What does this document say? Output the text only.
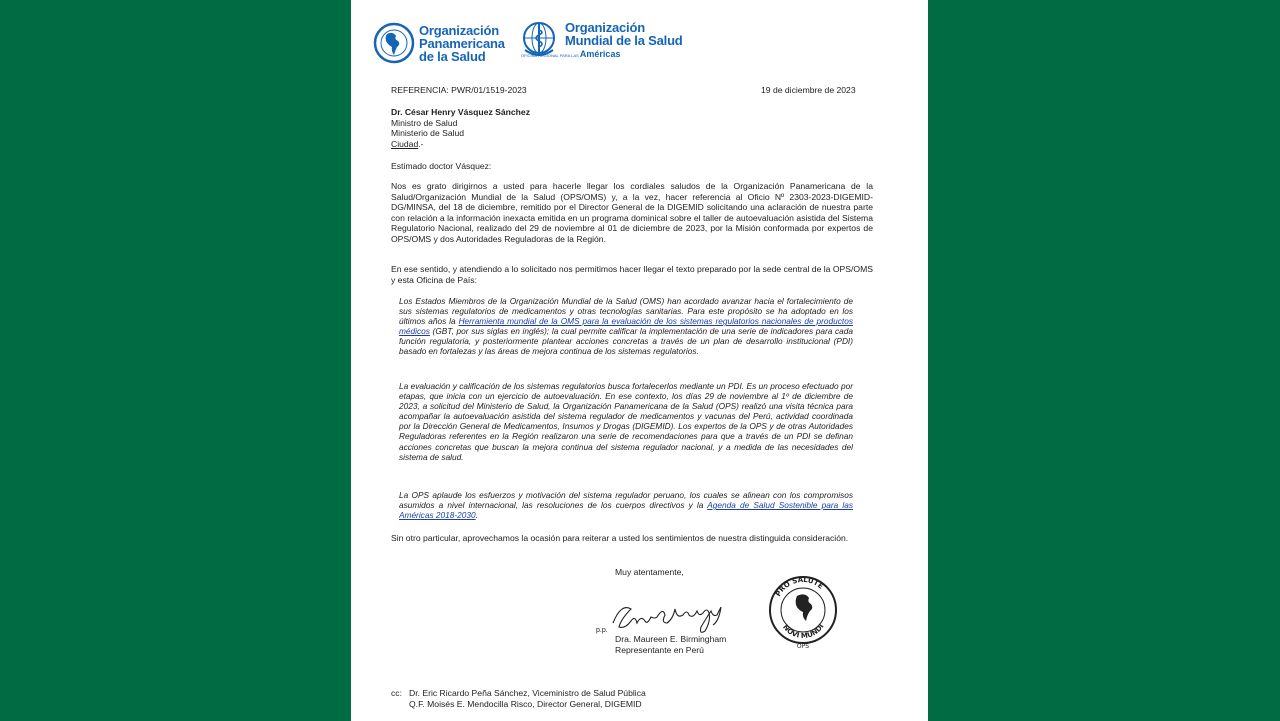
Organización
Panamericana
de la Salud
Organización
Mundial de la Salud
OFICINA REGIONAL PARA LAS Américas
REFERENCIA: PWR/01/1519-2023	19 de diciembre de 2023
Dr. César Henry Vásquez Sánchez
Ministro de Salud
Ministerio de Salud
Ciudad.-
Estimado doctor Vásquez:
Nos es grato dirigirnos a usted para hacerle llegar los cordiales saludos de la Organización Panamericana de la Salud/Organización Mundial de la Salud (OPS/OMS) y, a la vez, hacer referencia al Oficio Nº 2303-2023-DIGEMID-DG/MINSA, del 18 de diciembre, remitido por el Director General de la DIGEMID solicitando una aclaración de nuestra parte con relación a la información inexacta emitida en un programa dominical sobre el taller de autoevaluación asistida del Sistema Regulatorio Nacional, realizado del 29 de noviembre al 01 de diciembre de 2023, por la Misión conformada por expertos de OPS/OMS y dos Autoridades Reguladoras de la Región.
En ese sentido, y atendiendo a lo solicitado nos permitimos hacer llegar el texto preparado por la sede central de la OPS/OMS y esta Oficina de País:
Los Estados Miembros de la Organización Mundial de la Salud (OMS) han acordado avanzar hacia el fortalecimiento de sus sistemas regulatorios de medicamentos y otras tecnologías sanitarias. Para este propósito se ha adoptado en los últimos años la Herramienta mundial de la OMS para la evaluación de los sistemas regulatorios nacionales de productos médicos (GBT, por sus siglas en inglés); la cual permite calificar la implementación de una serie de indicadores para cada función regulatoria, y posteriormente plantear acciones concretas a través de un plan de desarrollo institucional (PDI) basado en fortalezas y las áreas de mejora continua de los sistemas regulatorios.
La evaluación y calificación de los sistemas regulatorios busca fortalecerlos mediante un PDI. Es un proceso efectuado por etapas, que inicia con un ejercicio de autoevaluación. En ese contexto, los días 29 de noviembre al 1º de diciembre de 2023, a solicitud del Ministerio de Salud, la Organización Panamericana de la Salud (OPS) realizó una visita técnica para acompañar la autoevaluación asistida del sistema regulador de medicamentos y vacunas del Perú, actividad coordinada por la Dirección General de Medicamentos, Insumos y Drogas (DIGEMID). Los expertos de la OPS y de otras Autoridades Reguladoras referentes en la Región realizaron una serie de recomendaciones para que a través de un PDI se definan acciones concretas que buscan la mejora continua del sistema regulador nacional, y a medida de las necesidades del sistema de salud.
La OPS aplaude los esfuerzos y motivación del sistema regulador peruano, los cuales se alinean con los compromisos asumidos a nivel internacional, las resoluciones de los cuerpos directivos y la Agenda de Salud Sostenible para las Américas 2018-2030.
Sin otro particular, aprovechamos la ocasión para reiterar a usted los sentimientos de nuestra distinguida consideración.
Muy atentamente,
p.p.
Dra. Maureen E. Birmingham
Representante en Perú
PRO SALUTE
NOVI MUNDI
OPS
cc: Dr. Eric Ricardo Peña Sánchez, Viceministro de Salud Pública
Q.F. Moisés E. Mendocilla Risco, Director General, DIGEMID
